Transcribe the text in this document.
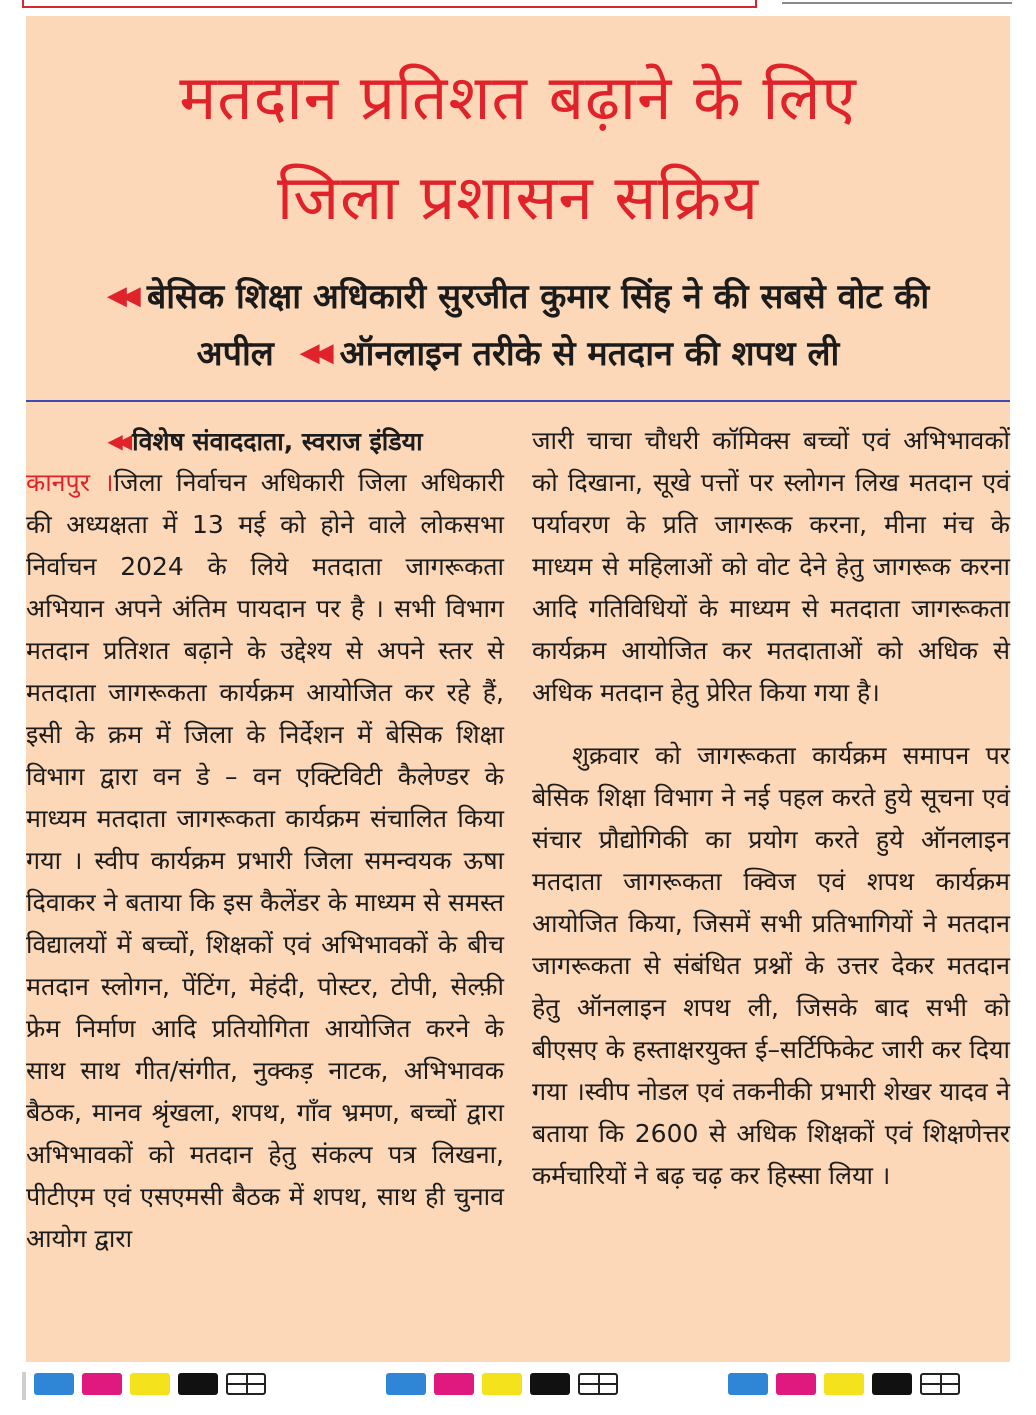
मतदान प्रतिशत बढ़ाने के लिए
जिला प्रशासन सक्रिय
◀◀ बेसिक शिक्षा अधिकारी सुरजीत कुमार सिंह ने की सबसे वोट की
अपील ◀◀ ऑनलाइन तरीके से मतदान की शपथ ली
◀◀ विशेष संवाददाता, स्वराज इंडिया

कानपुर ।जिला निर्वाचन अधिकारी जिला अधिकारी की अध्यक्षता में 13 मई को होने वाले लोकसभा निर्वाचन 2024 के लिये मतदाता जागरूकता अभियान अपने अंतिम पायदान पर है । सभी विभाग मतदान प्रतिशत बढ़ाने के उद्देश्य से अपने स्तर से मतदाता जागरूकता कार्यक्रम आयोजित कर रहे हैं, इसी के क्रम में जिला के निर्देशन में बेसिक शिक्षा विभाग द्वारा वन डे – वन एक्टिविटी कैलेण्डर के माध्यम मतदाता जागरूकता कार्यक्रम संचालित किया गया । स्वीप कार्यक्रम प्रभारी जिला समन्वयक ऊषा दिवाकर ने बताया कि इस कैलेंडर के माध्यम से समस्त विद्यालयों में बच्चों, शिक्षकों एवं अभिभावकों के बीच मतदान स्लोगन, पेंटिंग, मेहंदी, पोस्टर, टोपी, सेल्फ़ी फ्रेम निर्माण आदि प्रतियोगिता आयोजित करने के साथ साथ गीत/संगीत, नुक्कड़ नाटक, अभिभावक बैठक, मानव श्रृंखला, शपथ, गाँव भ्रमण, बच्चों द्वारा अभिभावकों को मतदान हेतु संकल्प पत्र लिखना, पीटीएम एवं एसएमसी बैठक में शपथ, साथ ही चुनाव आयोग द्वारा

जारी चाचा चौधरी कॉमिक्स बच्चों एवं अभिभावकों को दिखाना, सूखे पत्तों पर स्लोगन लिख मतदान एवं पर्यावरण के प्रति जागरूक करना, मीना मंच के माध्यम से महिलाओं को वोट देने हेतु जागरूक करना आदि गतिविधियों के माध्यम से मतदाता जागरूकता कार्यक्रम आयोजित कर मतदाताओं को अधिक से अधिक मतदान हेतु प्रेरित किया गया है।

शुक्रवार को जागरूकता कार्यक्रम समापन पर बेसिक शिक्षा विभाग ने नई पहल करते हुये सूचना एवं संचार प्रौद्योगिकी का प्रयोग करते हुये ऑनलाइन मतदाता जागरूकता क्विज एवं शपथ कार्यक्रम आयोजित किया, जिसमें सभी प्रतिभागियों ने मतदान जागरूकता से संबंधित प्रश्नों के उत्तर देकर मतदान हेतु ऑनलाइन शपथ ली, जिसके बाद सभी को बीएसए के हस्ताक्षरयुक्त ई–सर्टिफिकेट जारी कर दिया गया ।स्वीप नोडल एवं तकनीकी प्रभारी शेखर यादव ने बताया कि 2600 से अधिक शिक्षकों एवं शिक्षणेत्तर कर्मचारियों ने बढ़ चढ़ कर हिस्सा लिया ।
